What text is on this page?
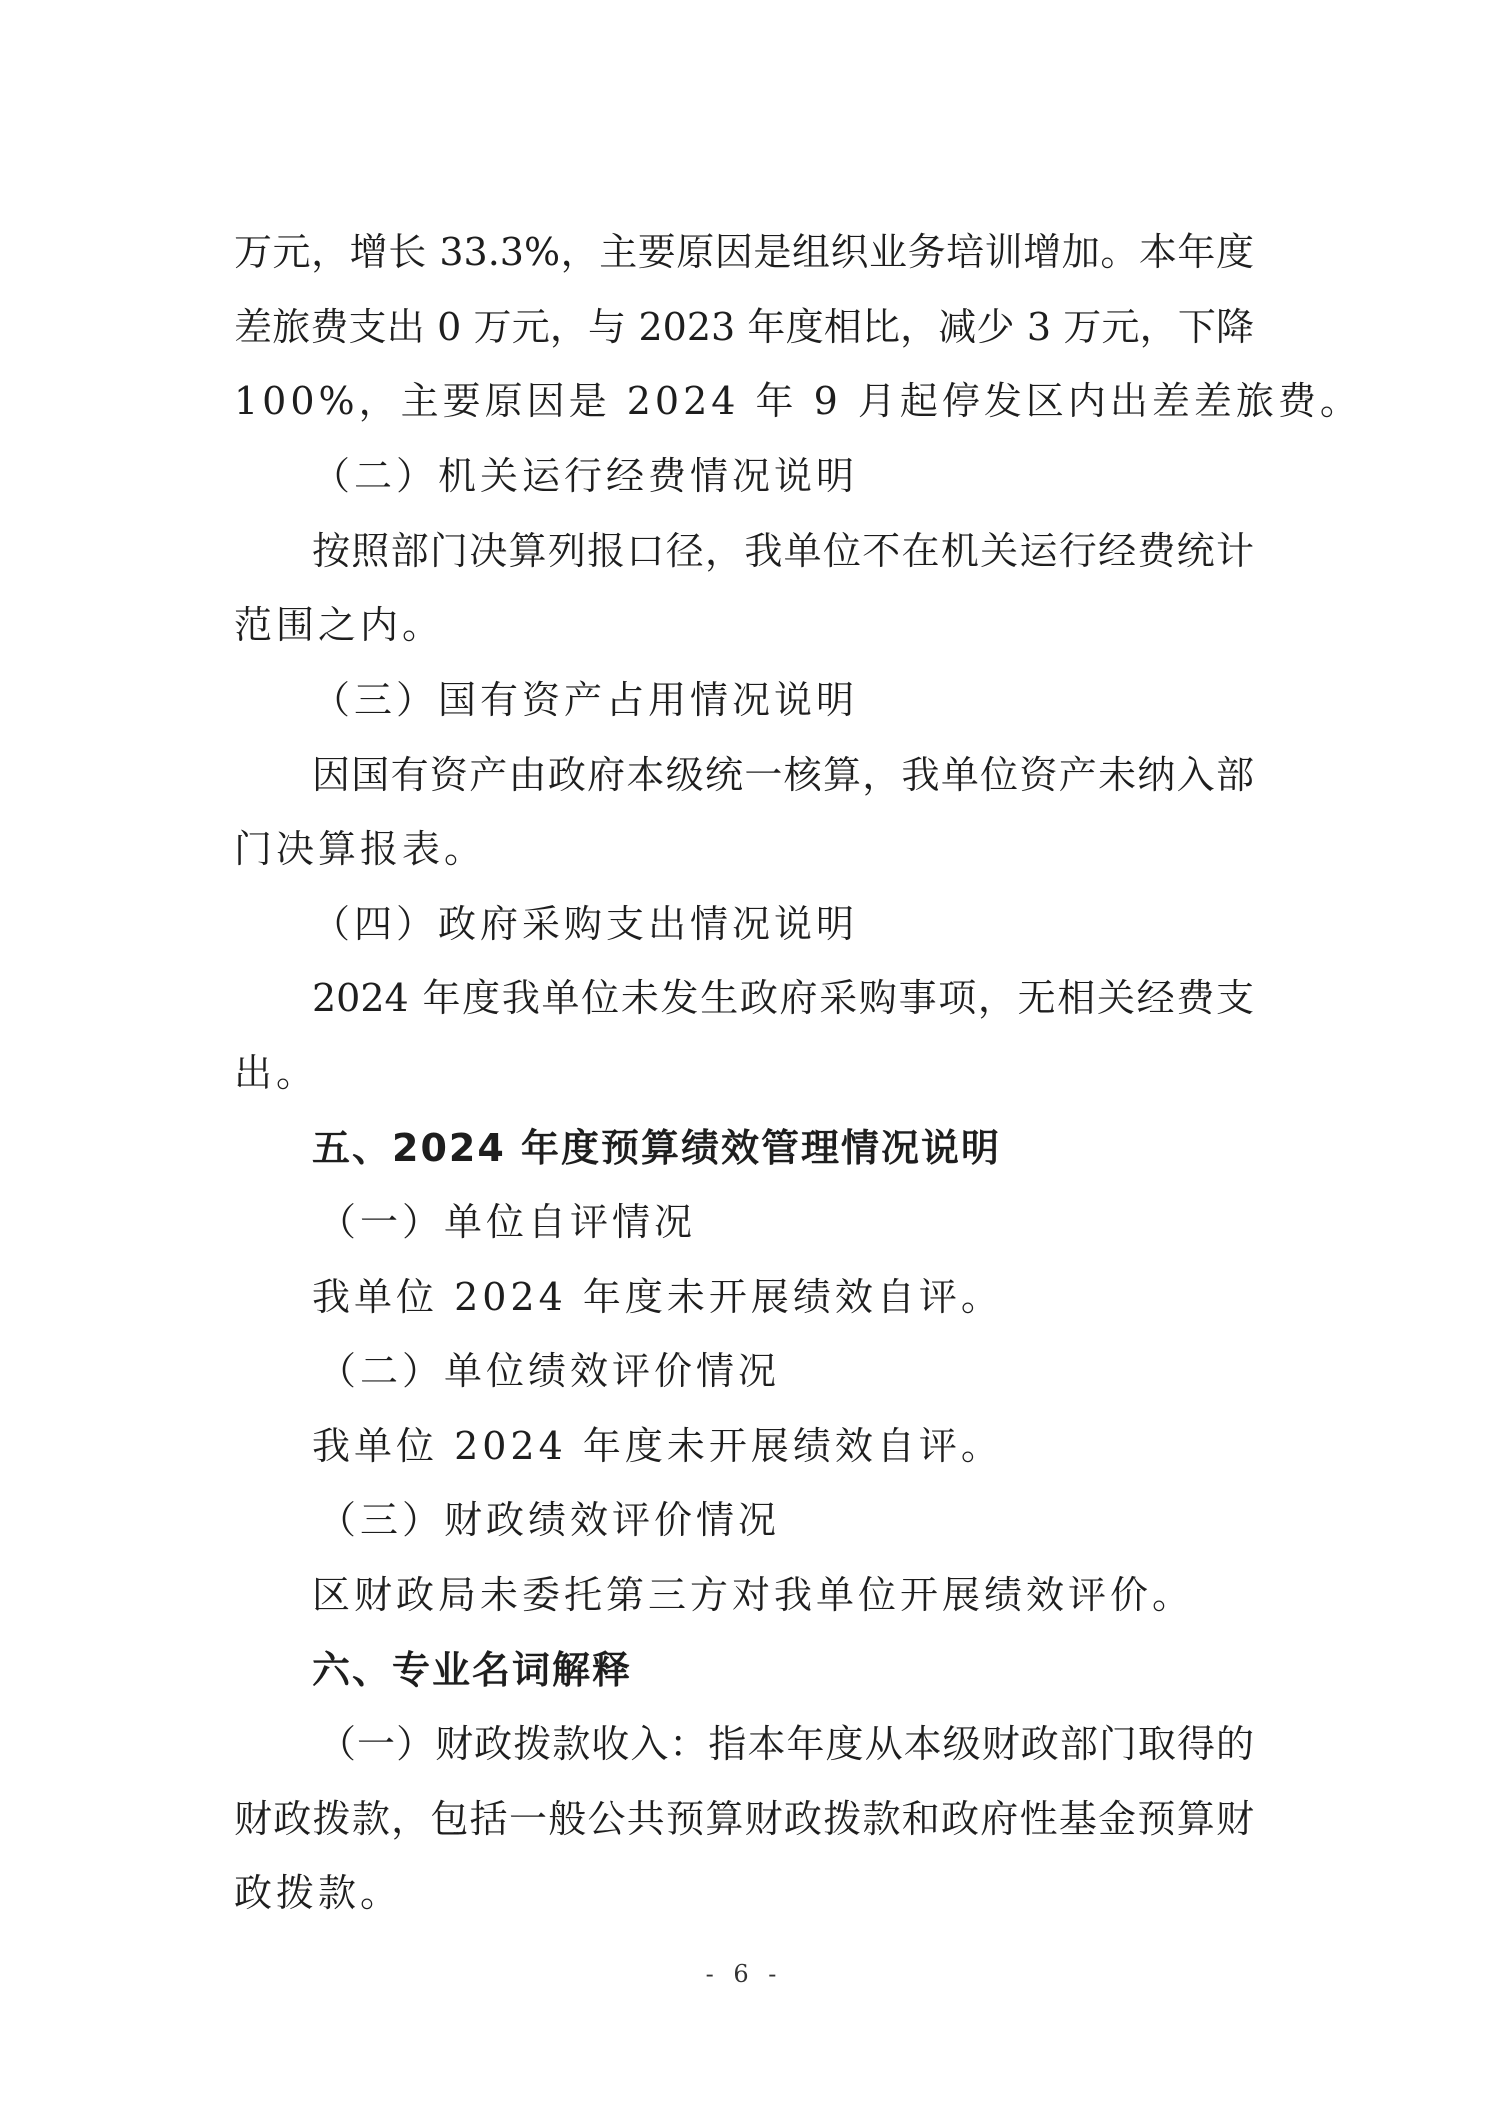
万元，增长 33.3%，主要原因是组织业务培训增加。本年度
差旅费支出 0 万元，与 2023 年度相比，减少 3 万元，下降
100%，主要原因是 2024 年 9 月起停发区内出差差旅费。
（二）机关运行经费情况说明
按照部门决算列报口径，我单位不在机关运行经费统计
范围之内。
（三）国有资产占用情况说明
因国有资产由政府本级统一核算，我单位资产未纳入部
门决算报表。
（四）政府采购支出情况说明
2024 年度我单位未发生政府采购事项，无相关经费支
出。
五、2024 年度预算绩效管理情况说明
（一）单位自评情况
我单位 2024 年度未开展绩效自评。
（二）单位绩效评价情况
我单位 2024 年度未开展绩效自评。
（三）财政绩效评价情况
区财政局未委托第三方对我单位开展绩效评价。
六、专业名词解释
（一）财政拨款收入：指本年度从本级财政部门取得的
财政拨款，包括一般公共预算财政拨款和政府性基金预算财
政拨款。
- 6 -
